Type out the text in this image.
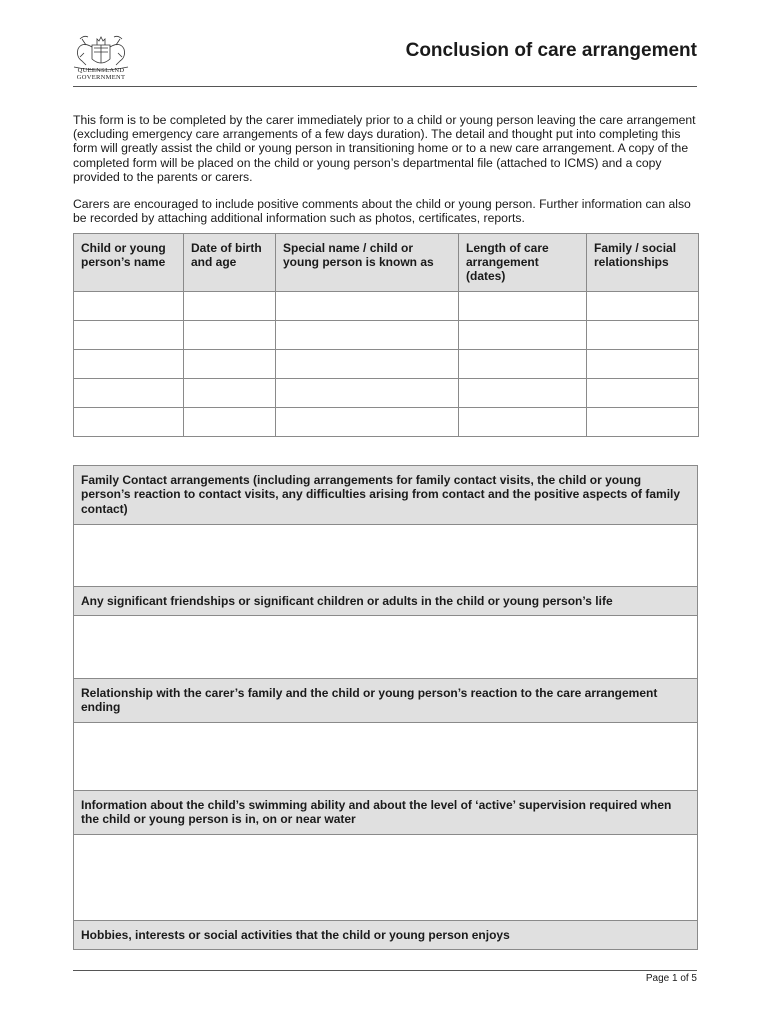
QUEENSLAND
GOVERNMENT
Conclusion of care arrangement

This form is to be completed by the carer immediately prior to a child or young person leaving the care arrangement (excluding emergency care arrangements of a few days duration). The detail and thought put into completing this form will greatly assist the child or young person in transitioning home or to a new care arrangement. A copy of the completed form will be placed on the child or young person’s departmental file (attached to ICMS) and a copy provided to the parents or carers.

Carers are encouraged to include positive comments about the child or young person. Further information can also be recorded by attaching additional information such as photos, certificates, reports.

Child or young person’s name	Date of birth and age	Special name / child or young person is known as	Length of care arrangement (dates)	Family / social relationships

Family Contact arrangements (including arrangements for family contact visits, the child or young person’s reaction to contact visits, any difficulties arising from contact and the positive aspects of family contact)

Any significant friendships or significant children or adults in the child or young person’s life

Relationship with the carer’s family and the child or young person’s reaction to the care arrangement ending

Information about the child’s swimming ability and about the level of ‘active’ supervision required when the child or young person is in, on or near water

Hobbies, interests or social activities that the child or young person enjoys
Page 1 of 5
